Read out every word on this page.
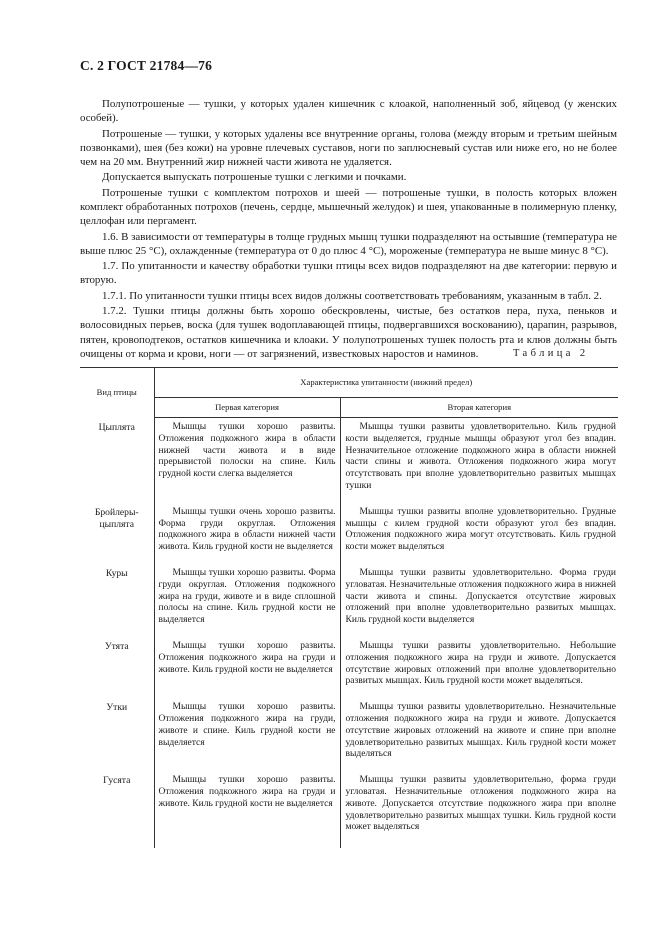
С. 2 ГОСТ 21784—76

Полупотрошеные — тушки, у которых удален кишечник с клоакой, наполненный зоб, яйцевод (у женских особей).

Потрошеные — тушки, у которых удалены все внутренние органы, голова (между вторым и третьим шейным позвонками), шея (без кожи) на уровне плечевых суставов, ноги по заплюсневый сустав или ниже его, но не более чем на 20 мм. Внутренний жир нижней части живота не удаляется.

Допускается выпускать потрошеные тушки с легкими и почками.

Потрошеные тушки с комплектом потрохов и шеей — потрошеные тушки, в полость которых вложен комплект обработанных потрохов (печень, сердце, мышечный желудок) и шея, упакованные в полимерную пленку, целлофан или пергамент.

1.6. В зависимости от температуры в толще грудных мышц тушки подразделяют на остывшие (температура не выше плюс 25 °С), охлажденные (температура от 0 до плюс 4 °С), мороженые (температура не выше минус 8 °С).

1.7. По упитанности и качеству обработки тушки птицы всех видов подразделяют на две категории: первую и вторую.

1.7.1. По упитанности тушки птицы всех видов должны соответствовать требованиям, указанным в табл. 2.

1.7.2. Тушки птицы должны быть хорошо обескровлены, чистые, без остатков пера, пуха, пеньков и волосовидных перьев, воска (для тушек водоплавающей птицы, подвергавшихся воскованию), царапин, разрывов, пятен, кровоподтеков, остатков кишечника и клоаки. У полупотрошеных тушек полость рта и клюв должны быть очищены от корма и крови, ноги — от загрязнений, известковых наростов и наминов.	Таблица 2
Вид птицы	Характеристика упитанности (нижний предел)	
	Первая категория	Вторая категория
Цыплята	Мышцы тушки хорошо развиты. Отложения подкожного жира в области нижней части живота и в виде прерывистой полоски на спине. Киль грудной кости слегка выделяется	Мышцы тушки развиты удовлетворительно. Киль грудной кости выделяется, грудные мышцы образуют угол без впадин. Незначительное отложение подкожного жира в области нижней части спины и живота. Отложения подкожного жира могут отсутствовать при вполне удовлетворительно развитых мышцах тушки
Бройлеры-цыплята	Мышцы тушки очень хорошо развиты. Форма груди округлая. Отложения подкожного жира в области нижней части живота. Киль грудной кости не выделяется	Мышцы тушки развиты вполне удовлетворительно. Грудные мышцы с килем грудной кости образуют угол без впадин. Отложения подкожного жира могут отсутствовать. Киль грудной кости может выделяться
Куры	Мышцы тушки хорошо развиты. Форма груди округлая. Отложения подкожного жира на груди, животе и в виде сплошной полосы на спине. Киль грудной кости не выделяется	Мышцы тушки развиты удовлетворительно. Форма груди угловатая. Незначительные отложения подкожного жира в нижней части живота и спины. Допускается отсутствие жировых отложений при вполне удовлетворительно развитых мышцах. Киль грудной кости выделяется
Утята	Мышцы тушки хорошо развиты. Отложения подкожного жира на груди и животе. Киль грудной кости не выделяется	Мышцы тушки развиты удовлетворительно. Небольшие отложения подкожного жира на груди и животе. Допускается отсутствие жировых отложений при вполне удовлетворительно развитых мышцах. Киль грудной кости может выделяться.
Утки	Мышцы тушки хорошо развиты. Отложения подкожного жира на груди, животе и спине. Киль грудной кости не выделяется	Мышцы тушки развиты удовлетворительно. Незначительные отложения подкожного жира на груди и животе. Допускается отсутствие жировых отложений на животе и спине при вполне удовлетворительно развитых мышцах. Киль грудной кости может выделяться
Гусята	Мышцы тушки хорошо развиты. Отложения подкожного жира на груди и животе. Киль грудной кости не выделяется	Мышцы тушки развиты удовлетворительно, форма груди угловатая. Незначительные отложения подкожного жира на животе. Допускается отсутствие подкожного жира при вполне удовлетворительно развитых мышцах тушки. Киль грудной кости может выделяться
